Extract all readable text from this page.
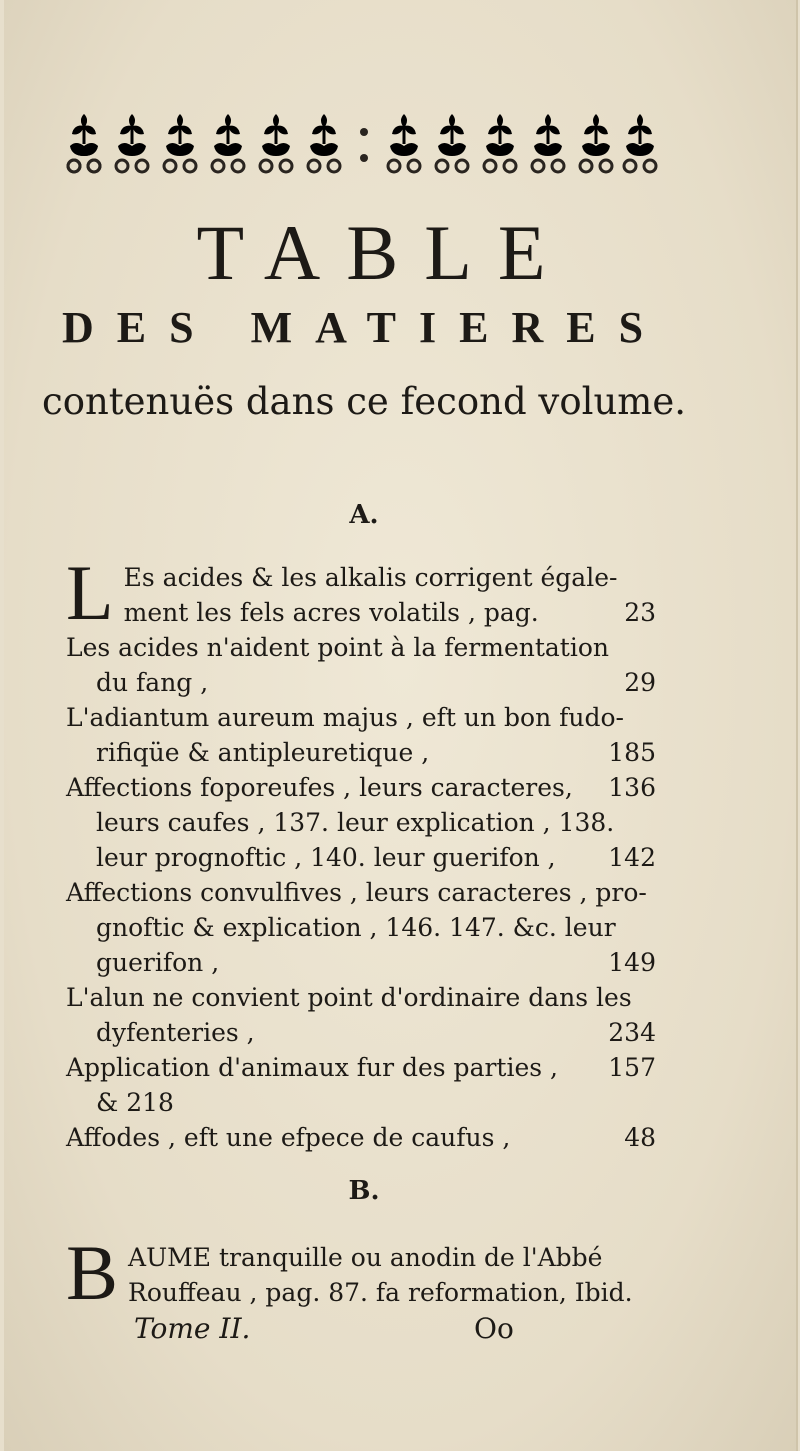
TABLE
DES MATIERES

contenuës dans ce fecond volume.

A.

L Es acides & les alkalis corrigent égale-
ment les fels acres volatils , pag.	23
Les acides n'aident point à la fermentation
du fang ,	29
L'adiantum aureum majus , eft un bon fudo-
rifiqüe & antipleuretique ,	185
Affections foporeufes , leurs caracteres, 136
leurs caufes , 137. leur explication , 138.
leur prognoftic , 140. leur guerifon , 142
Affections convulfives , leurs caracteres , pro-
gnoftic & explication , 146. 147. &c. leur
guerifon ,	149
L'alun ne convient point d'ordinaire dans les
dyfenteries ,	234
Application d'animaux fur des parties , 157
& 218
Affodes , eft une efpece de caufus ,	48

B.

B AUME tranquille ou anodin de l'Abbé
Rouffeau , pag. 87. fa reformation, Ibid.
Tome II.	Oo
